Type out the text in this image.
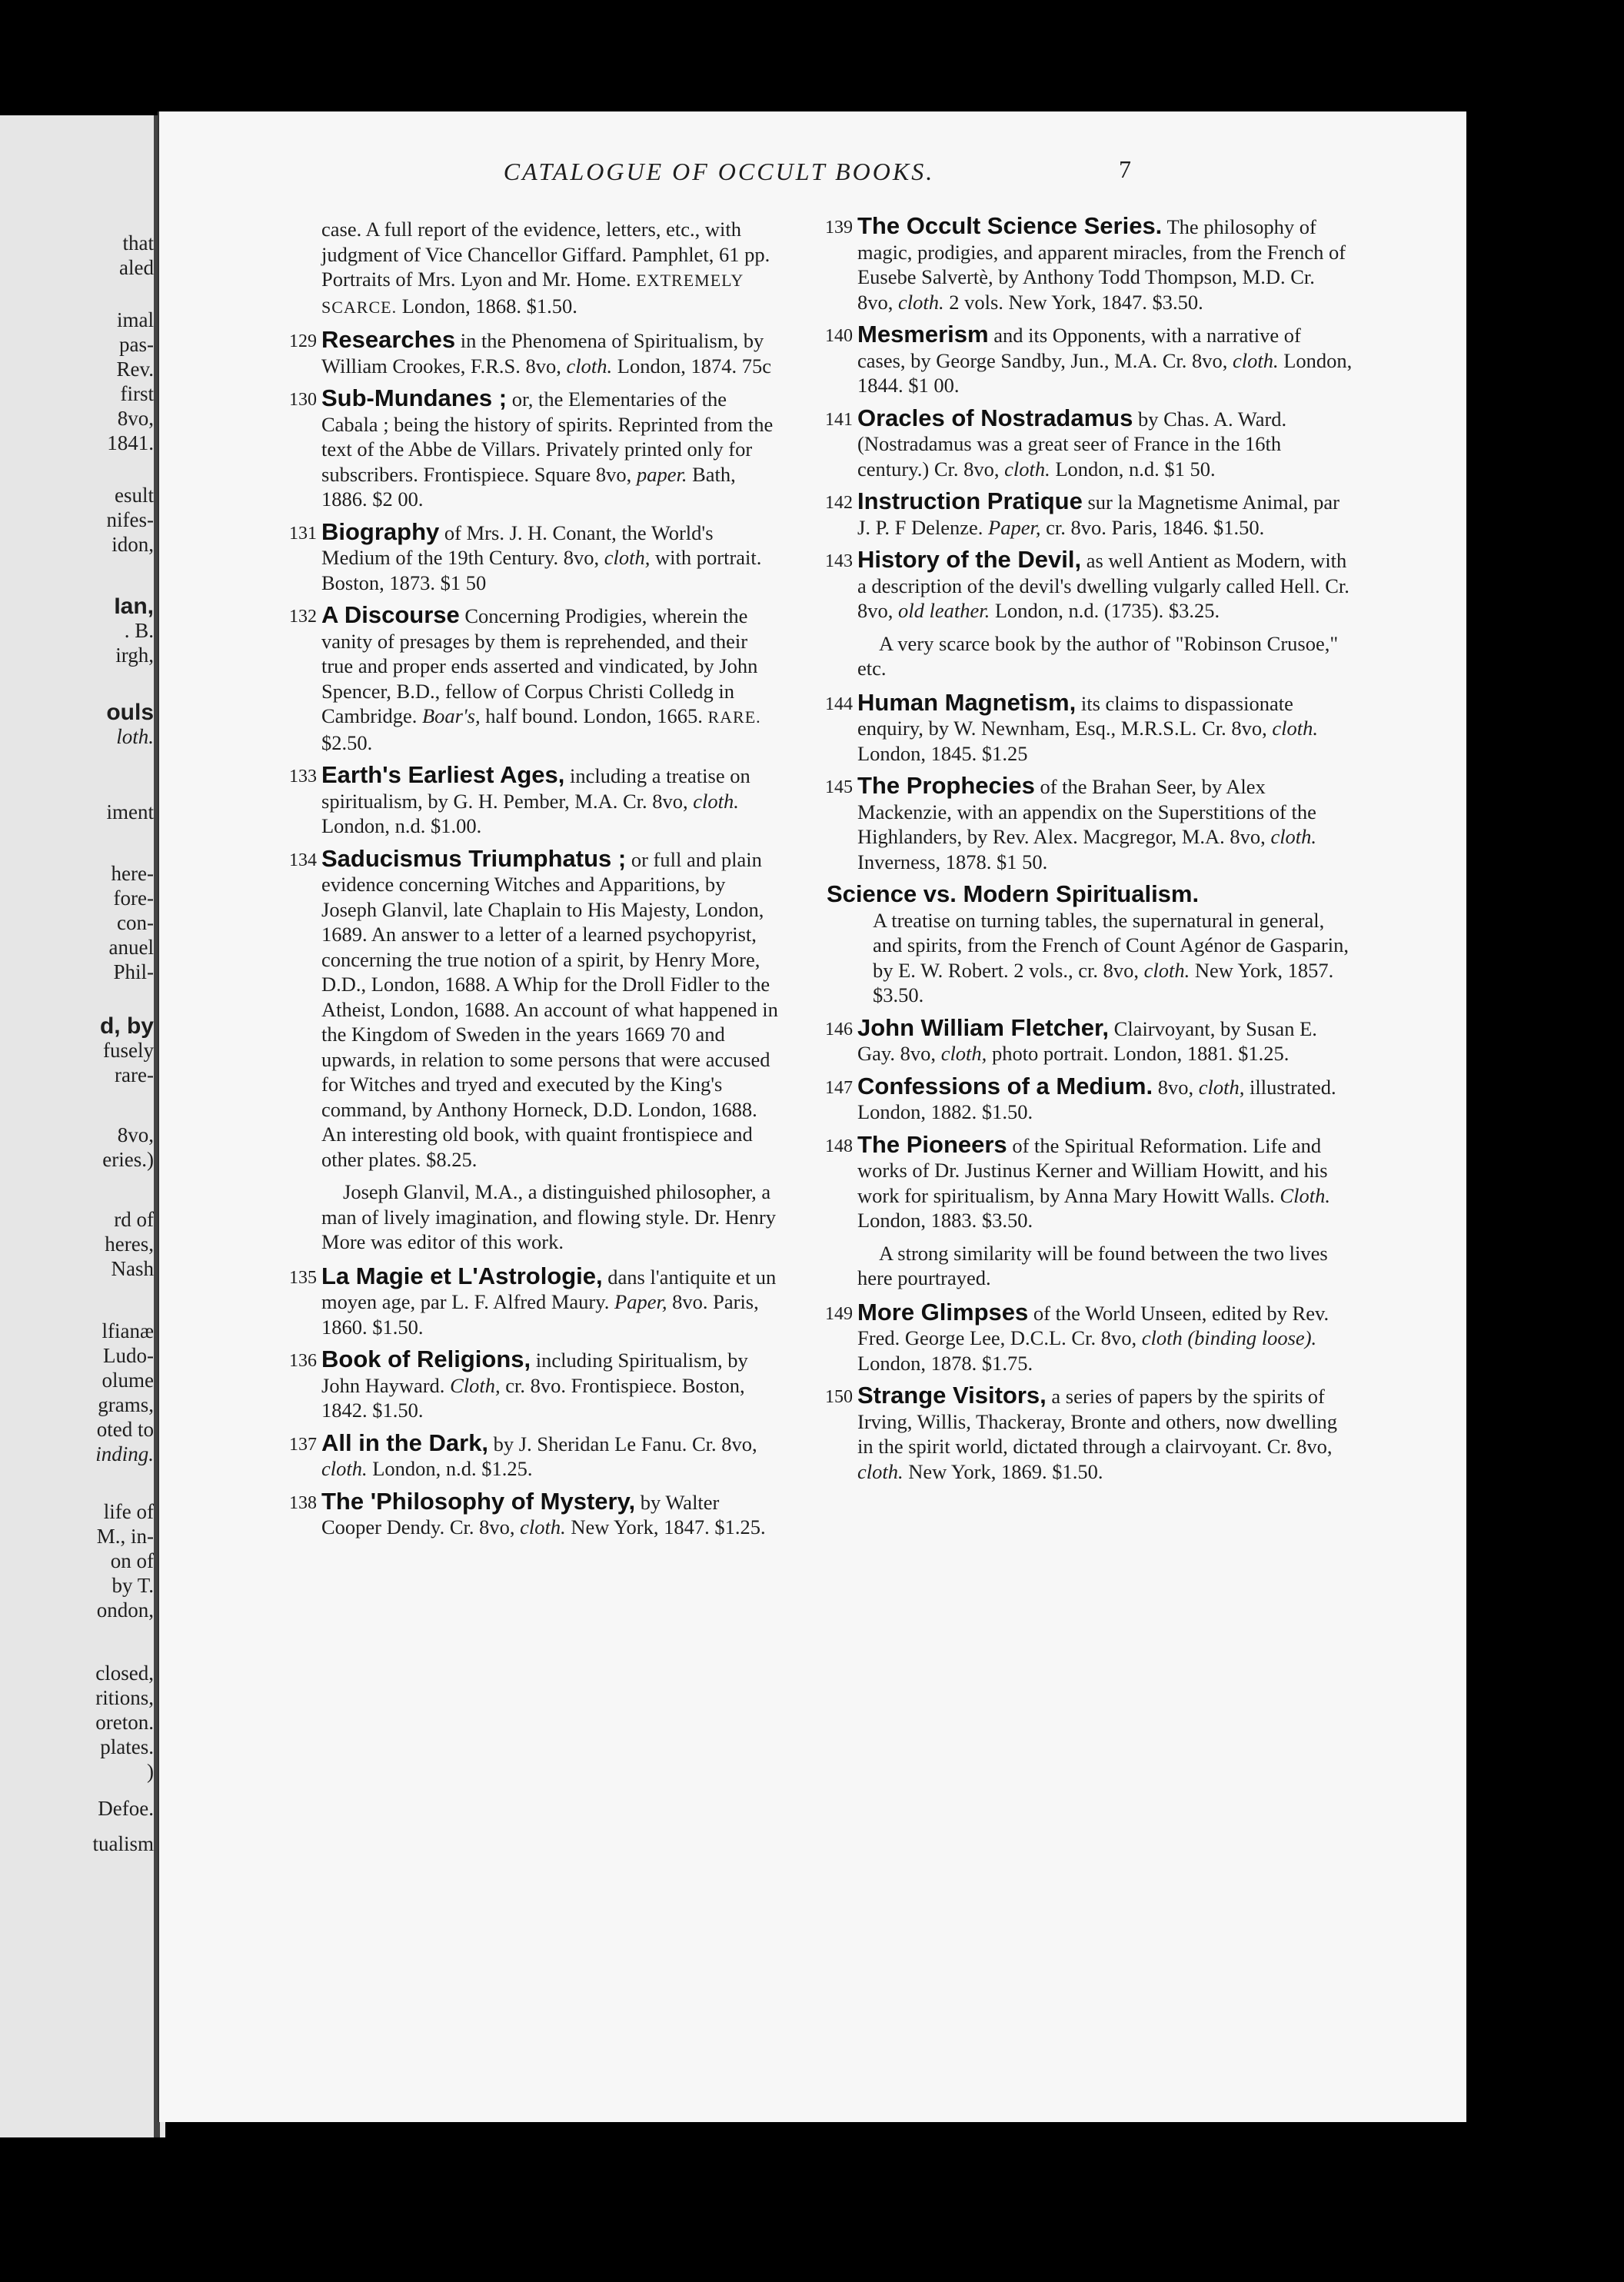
that
aled
imal
pas-
Rev.
first
8vo,
1841.
esult
nifes-
idon,
Ian,
. B.
irgh,
ouls
loth.
iment
here-
fore-
con-
anuel
Phil-
d, by
fusely
rare-
8vo,
eries.)
rd of
heres,
Nash
lfianæ
Ludo-
olume
grams,
oted to
inding.
life of
M., in-
on of
by T.
ondon,
closed,
ritions,
oreton.
plates.
)
Defoe.
tualism
CATALOGUE OF OCCULT BOOKS.	7
case. A full report of the evidence, letters, etc., with judgment of Vice Chancellor Giffard. Pamphlet, 61 pp. Portraits of Mrs. Lyon and Mr. Home. EXTREMELY SCARCE. London, 1868. $1.50.
129 Researches in the Phenomena of Spiritualism, by William Crookes, F.R.S. 8vo, cloth. London, 1874. 75c
130 Sub-Mundanes ; or, the Elementaries of the Cabala ; being the history of spirits. Reprinted from the text of the Abbe de Villars. Privately printed only for subscribers. Frontispiece. Square 8vo, paper. Bath, 1886. $2 00.
131 Biography of Mrs. J. H. Conant, the World's Medium of the 19th Century. 8vo, cloth, with portrait. Boston, 1873. $1 50
132 A Discourse Concerning Prodigies, wherein the vanity of presages by them is reprehended, and their true and proper ends asserted and vindicated, by John Spencer, B.D., fellow of Corpus Christi Colledg in Cambridge. Boar's, half bound. London, 1665. RARE. $2.50.
133 Earth's Earliest Ages, including a treatise on spiritualism, by G. H. Pember, M.A. Cr. 8vo, cloth. London, n.d. $1.00.
134 Saducismus Triumphatus ; or full and plain evidence concerning Witches and Apparitions, by Joseph Glanvil, late Chaplain to His Majesty, London, 1689. An answer to a letter of a learned psychopyrist, concerning the true notion of a spirit, by Henry More, D.D., London, 1688. A Whip for the Droll Fidler to the Atheist, London, 1688. An account of what happened in the Kingdom of Sweden in the years 1669 70 and upwards, in relation to some persons that were accused for Witches and tryed and executed by the King's command, by Anthony Horneck, D.D. London, 1688. An interesting old book, with quaint frontispiece and other plates. $8.25.
Joseph Glanvil, M.A., a distinguished philosopher, a man of lively imagination, and flowing style. Dr. Henry More was editor of this work.
135 La Magie et L'Astrologie, dans l'antiquite et un moyen age, par L. F. Alfred Maury. Paper, 8vo. Paris, 1860. $1.50.
136 Book of Religions, including Spiritualism, by John Hayward. Cloth, cr. 8vo. Frontispiece. Boston, 1842. $1.50.
137 All in the Dark, by J. Sheridan Le Fanu. Cr. 8vo, cloth. London, n.d. $1.25.
138 The 'Philosophy of Mystery, by Walter Cooper Dendy. Cr. 8vo, cloth. New York, 1847. $1.25.
139 The Occult Science Series. The philosophy of magic, prodigies, and apparent miracles, from the French of Eusebe Salvertè, by Anthony Todd Thompson, M.D. Cr. 8vo, cloth. 2 vols. New York, 1847. $3.50.
140 Mesmerism and its Opponents, with a narrative of cases, by George Sandby, Jun., M.A. Cr. 8vo, cloth. London, 1844. $1 00.
141 Oracles of Nostradamus by Chas. A. Ward. (Nostradamus was a great seer of France in the 16th century.) Cr. 8vo, cloth. London, n.d. $1 50.
142 Instruction Pratique sur la Magnetisme Animal, par J. P. F Delenze. Paper, cr. 8vo. Paris, 1846. $1.50.
143 History of the Devil, as well Antient as Modern, with a description of the devil's dwelling vulgarly called Hell. Cr. 8vo, old leather. London, n.d. (1735). $3.25.
A very scarce book by the author of "Robinson Crusoe," etc.
144 Human Magnetism, its claims to dispassionate enquiry, by W. Newnham, Esq., M.R.S.L. Cr. 8vo, cloth. London, 1845. $1.25
145 The Prophecies of the Brahan Seer, by Alex Mackenzie, with an appendix on the Superstitions of the Highlanders, by Rev. Alex. Macgregor, M.A. 8vo, cloth. Inverness, 1878. $1 50.
Science vs. Modern Spiritualism.
A treatise on turning tables, the supernatural in general, and spirits, from the French of Count Agénor de Gasparin, by E. W. Robert. 2 vols., cr. 8vo, cloth. New York, 1857. $3.50.
146 John William Fletcher, Clairvoyant, by Susan E. Gay. 8vo, cloth, photo portrait. London, 1881. $1.25.
147 Confessions of a Medium. 8vo, cloth, illustrated. London, 1882. $1.50.
148 The Pioneers of the Spiritual Reformation. Life and works of Dr. Justinus Kerner and William Howitt, and his work for spiritualism, by Anna Mary Howitt Walls. Cloth. London, 1883. $3.50.
A strong similarity will be found between the two lives here pourtrayed.
149 More Glimpses of the World Unseen, edited by Rev. Fred. George Lee, D.C.L. Cr. 8vo, cloth (binding loose). London, 1878. $1.75.
150 Strange Visitors, a series of papers by the spirits of Irving, Willis, Thackeray, Bronte and others, now dwelling in the spirit world, dictated through a clairvoyant. Cr. 8vo, cloth. New York, 1869. $1.50.
